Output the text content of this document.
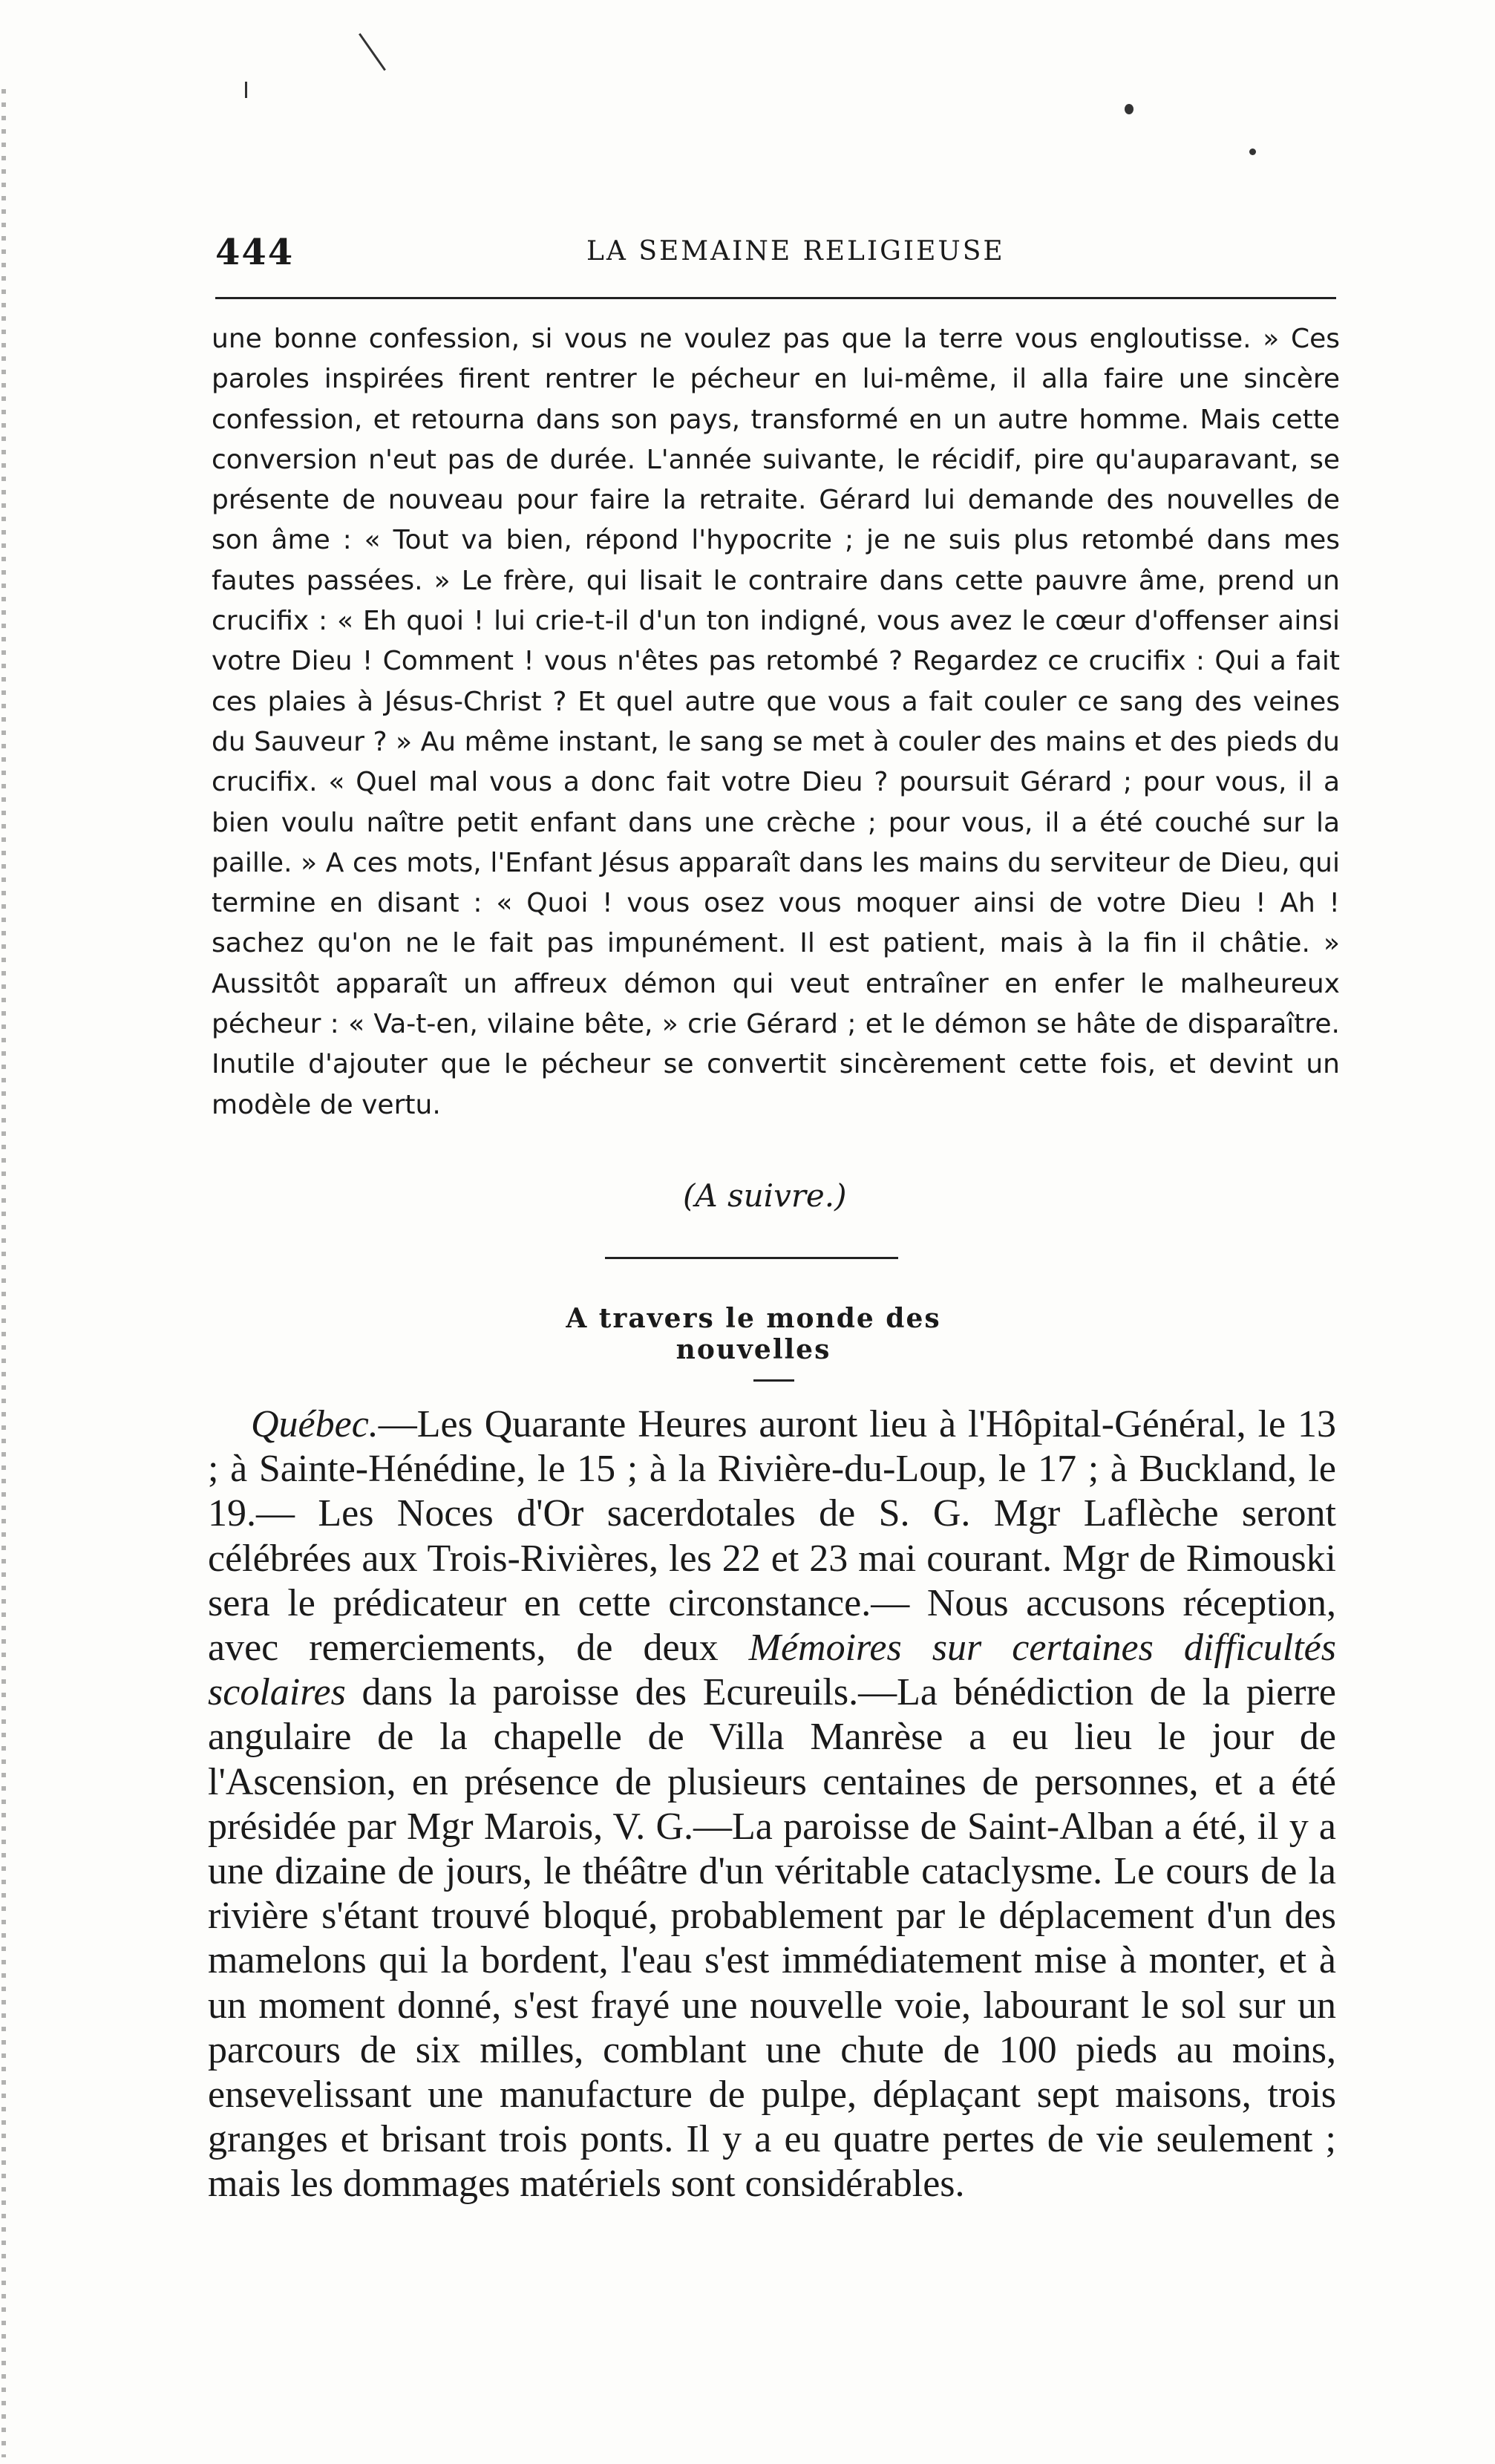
444	LA SEMAINE RELIGIEUSE

une bonne confession, si vous ne voulez pas que la terre vous engloutisse. » Ces paroles inspirées firent rentrer le pécheur en lui-même, il alla faire une sincère confession, et retourna dans son pays, transformé en un autre homme. Mais cette conversion n'eut pas de durée. L'année suivante, le récidif, pire qu'auparavant, se présente de nouveau pour faire la retraite. Gérard lui demande des nouvelles de son âme : « Tout va bien, répond l'hypocrite ; je ne suis plus retombé dans mes fautes passées. » Le frère, qui lisait le contraire dans cette pauvre âme, prend un crucifix : « Eh quoi ! lui crie-t-il d'un ton indigné, vous avez le cœur d'offenser ainsi votre Dieu ! Comment ! vous n'êtes pas retombé ? Regardez ce crucifix : Qui a fait ces plaies à Jésus-Christ ? Et quel autre que vous a fait couler ce sang des veines du Sauveur ? » Au même instant, le sang se met à couler des mains et des pieds du crucifix. « Quel mal vous a donc fait votre Dieu ? poursuit Gérard ; pour vous, il a bien voulu naître petit enfant dans une crèche ; pour vous, il a été couché sur la paille. » A ces mots, l'Enfant Jésus apparaît dans les mains du serviteur de Dieu, qui termine en disant : « Quoi ! vous osez vous moquer ainsi de votre Dieu ! Ah ! sachez qu'on ne le fait pas impunément. Il est patient, mais à la fin il châtie. » Aussitôt apparaît un affreux démon qui veut entraîner en enfer le malheureux pécheur : « Va-t-en, vilaine bête, » crie Gérard ; et le démon se hâte de disparaître. Inutile d'ajouter que le pécheur se convertit sincèrement cette fois, et devint un modèle de vertu.

(A suivre.)
A travers le monde des nouvelles

Québec.—Les Quarante Heures auront lieu à l'Hôpital-Général, le 13 ; à Sainte-Hénédine, le 15 ; à la Rivière-du-Loup, le 17 ; à Buckland, le 19.— Les Noces d'Or sacerdotales de S. G. Mgr Laflèche seront célébrées aux Trois-Rivières, les 22 et 23 mai courant. Mgr de Rimouski sera le prédicateur en cette circonstance.— Nous accusons réception, avec remerciements, de deux Mémoires sur certaines difficultés scolaires dans la paroisse des Ecureuils.—La bénédiction de la pierre angulaire de la chapelle de Villa Manrèse a eu lieu le jour de l'Ascension, en présence de plusieurs centaines de personnes, et a été présidée par Mgr Marois, V. G.—La paroisse de Saint-Alban a été, il y a une dizaine de jours, le théâtre d'un véritable cataclysme. Le cours de la rivière s'étant trouvé bloqué, probablement par le déplacement d'un des mamelons qui la bordent, l'eau s'est immédiatement mise à monter, et à un moment donné, s'est frayé une nouvelle voie, labourant le sol sur un parcours de six milles, comblant une chute de 100 pieds au moins, ensevelissant une manufacture de pulpe, déplaçant sept maisons, trois granges et brisant trois ponts. Il y a eu quatre pertes de vie seulement ; mais les dommages matériels sont considérables.
